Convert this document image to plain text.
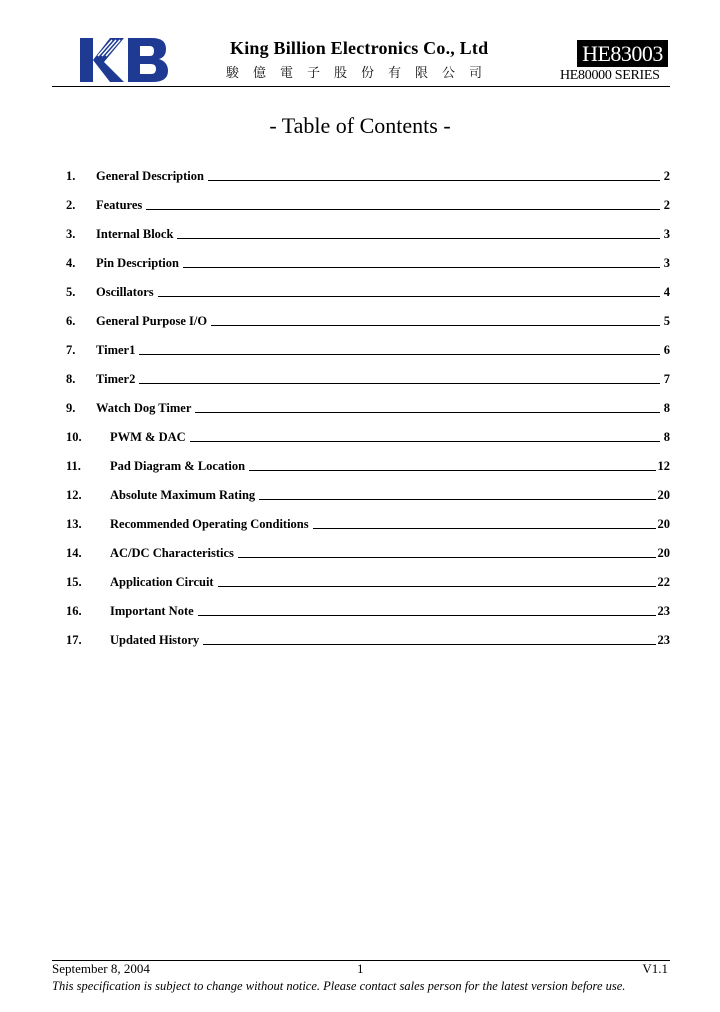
King Billion Electronics Co., Ltd
駿億電子股份有限公司
HE83003
HE80000 SERIES
- Table of Contents -
1.	General Description	2
2.	Features	2
3.	Internal Block	3
4.	Pin Description	3
5.	Oscillators	4
6.	General Purpose I/O	5
7.	Timer1	6
8.	Timer2	7
9.	Watch Dog Timer	8
10.	PWM & DAC	8
11.	Pad Diagram & Location	12
12.	Absolute Maximum Rating	20
13.	Recommended Operating Conditions	20
14.	AC/DC Characteristics	20
15.	Application Circuit	22
16.	Important Note	23
17.	Updated History	23
September 8, 2004	1	V1.1
This specification is subject to change without notice. Please contact sales person for the latest version before use.
